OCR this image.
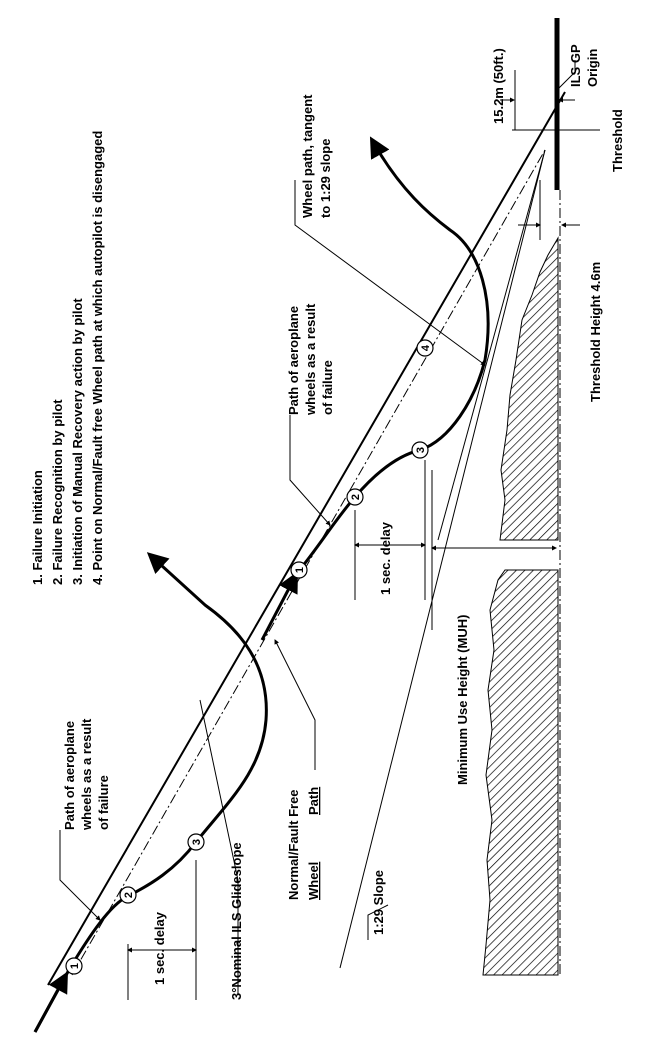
1
2
3
1
2
3
4
1. Failure Initiation 2. Failure Recognition by pilot 3. Initiation of Manual Recovery action by pilot 4. Point on Normal/Fault free Wheel path at which autopilot is disengaged
Path of aeroplane wheels as a result of failure
Path of aeroplane wheels as a result of failure
Wheel path, tangent to 1:29 slope
Normal/Fault Free Wheel
Path
3°Nominal ILS Glideslope	1:29 Slope
1 sec. delay
1 sec. delay
Minimum Use Height (MUH)
Threshold Height 4.6m
15.2m (50ft.)	ILS GP Origin
Threshold
